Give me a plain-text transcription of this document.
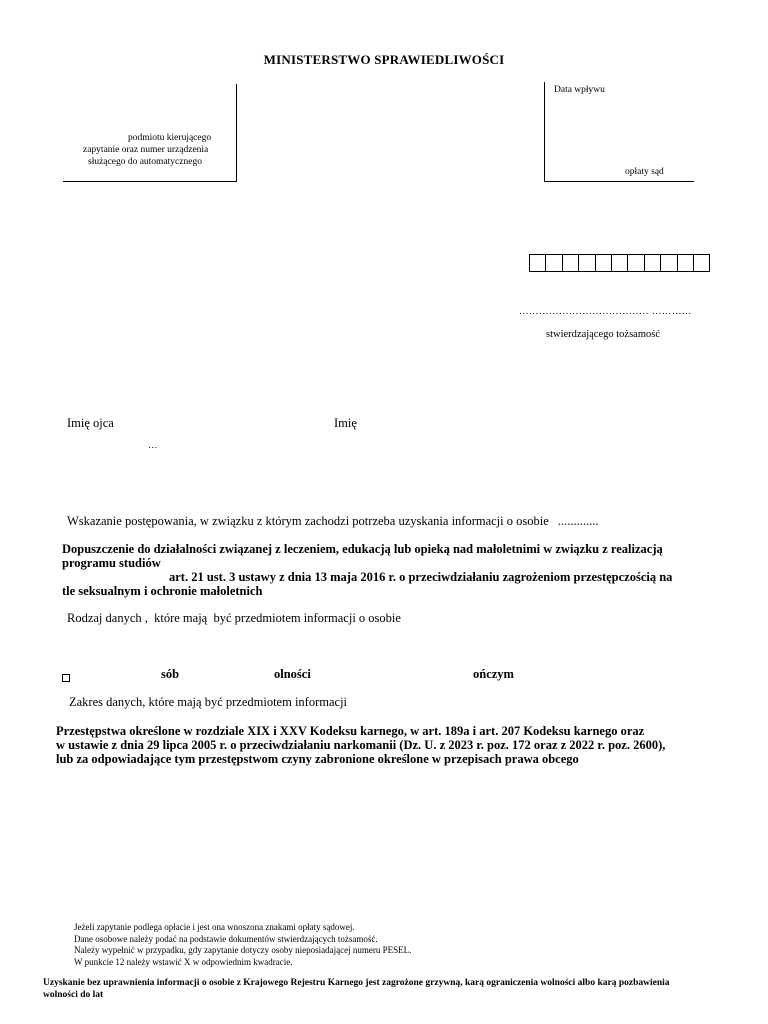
MINISTERSTWO SPRAWIEDLIWOŚCI
podmiotu kierującego
zapytanie oraz numer urządzenia
służącego do automatycznego
Data wpływu
opłaty sąd
………………………………… …………
stwierdzającego tożsamość
Imię ojca	Imię
…
Wskazanie postępowania, w związku z którym zachodzi potrzeba uzyskania informacji o osobie .............
Dopuszczenie do działalności związanej z leczeniem, edukacją lub opieką nad małoletnimi w związku z realizacją
programu studiów
art. 21 ust. 3 ustawy z dnia 13 maja 2016 r. o przeciwdziałaniu zagrożeniom przestępczością na
tle seksualnym i ochronie małoletnich
Rodzaj danych ,  które mają  być przedmiotem informacji o osobie
sób	olności	ończym
Zakres danych, które mają być przedmiotem informacji
Przestępstwa określone w rozdziale XIX i XXV Kodeksu karnego, w art. 189a i art. 207 Kodeksu karnego oraz
w ustawie z dnia 29 lipca 2005 r. o przeciwdziałaniu narkomanii (Dz. U. z 2023 r. poz. 172 oraz z 2022 r. poz. 2600),
lub za odpowiadające tym przestępstwom czyny zabronione określone w przepisach prawa obcego
Jeżeli zapytanie podlega opłacie i jest ona wnoszona znakami opłaty sądowej.
Dane osobowe należy podać na podstawie dokumentów stwierdzających tożsamość.
Należy wypełnić w przypadku, gdy zapytanie dotyczy osoby nieposiadającej numeru PESEL.
W punkcie 12 należy wstawić X w odpowiednim kwadracie.
Uzyskanie bez uprawnienia informacji o osobie z Krajowego Rejestru Karnego jest zagrożone grzywną, karą ograniczenia wolności albo karą pozbawienia
wolności do lat
